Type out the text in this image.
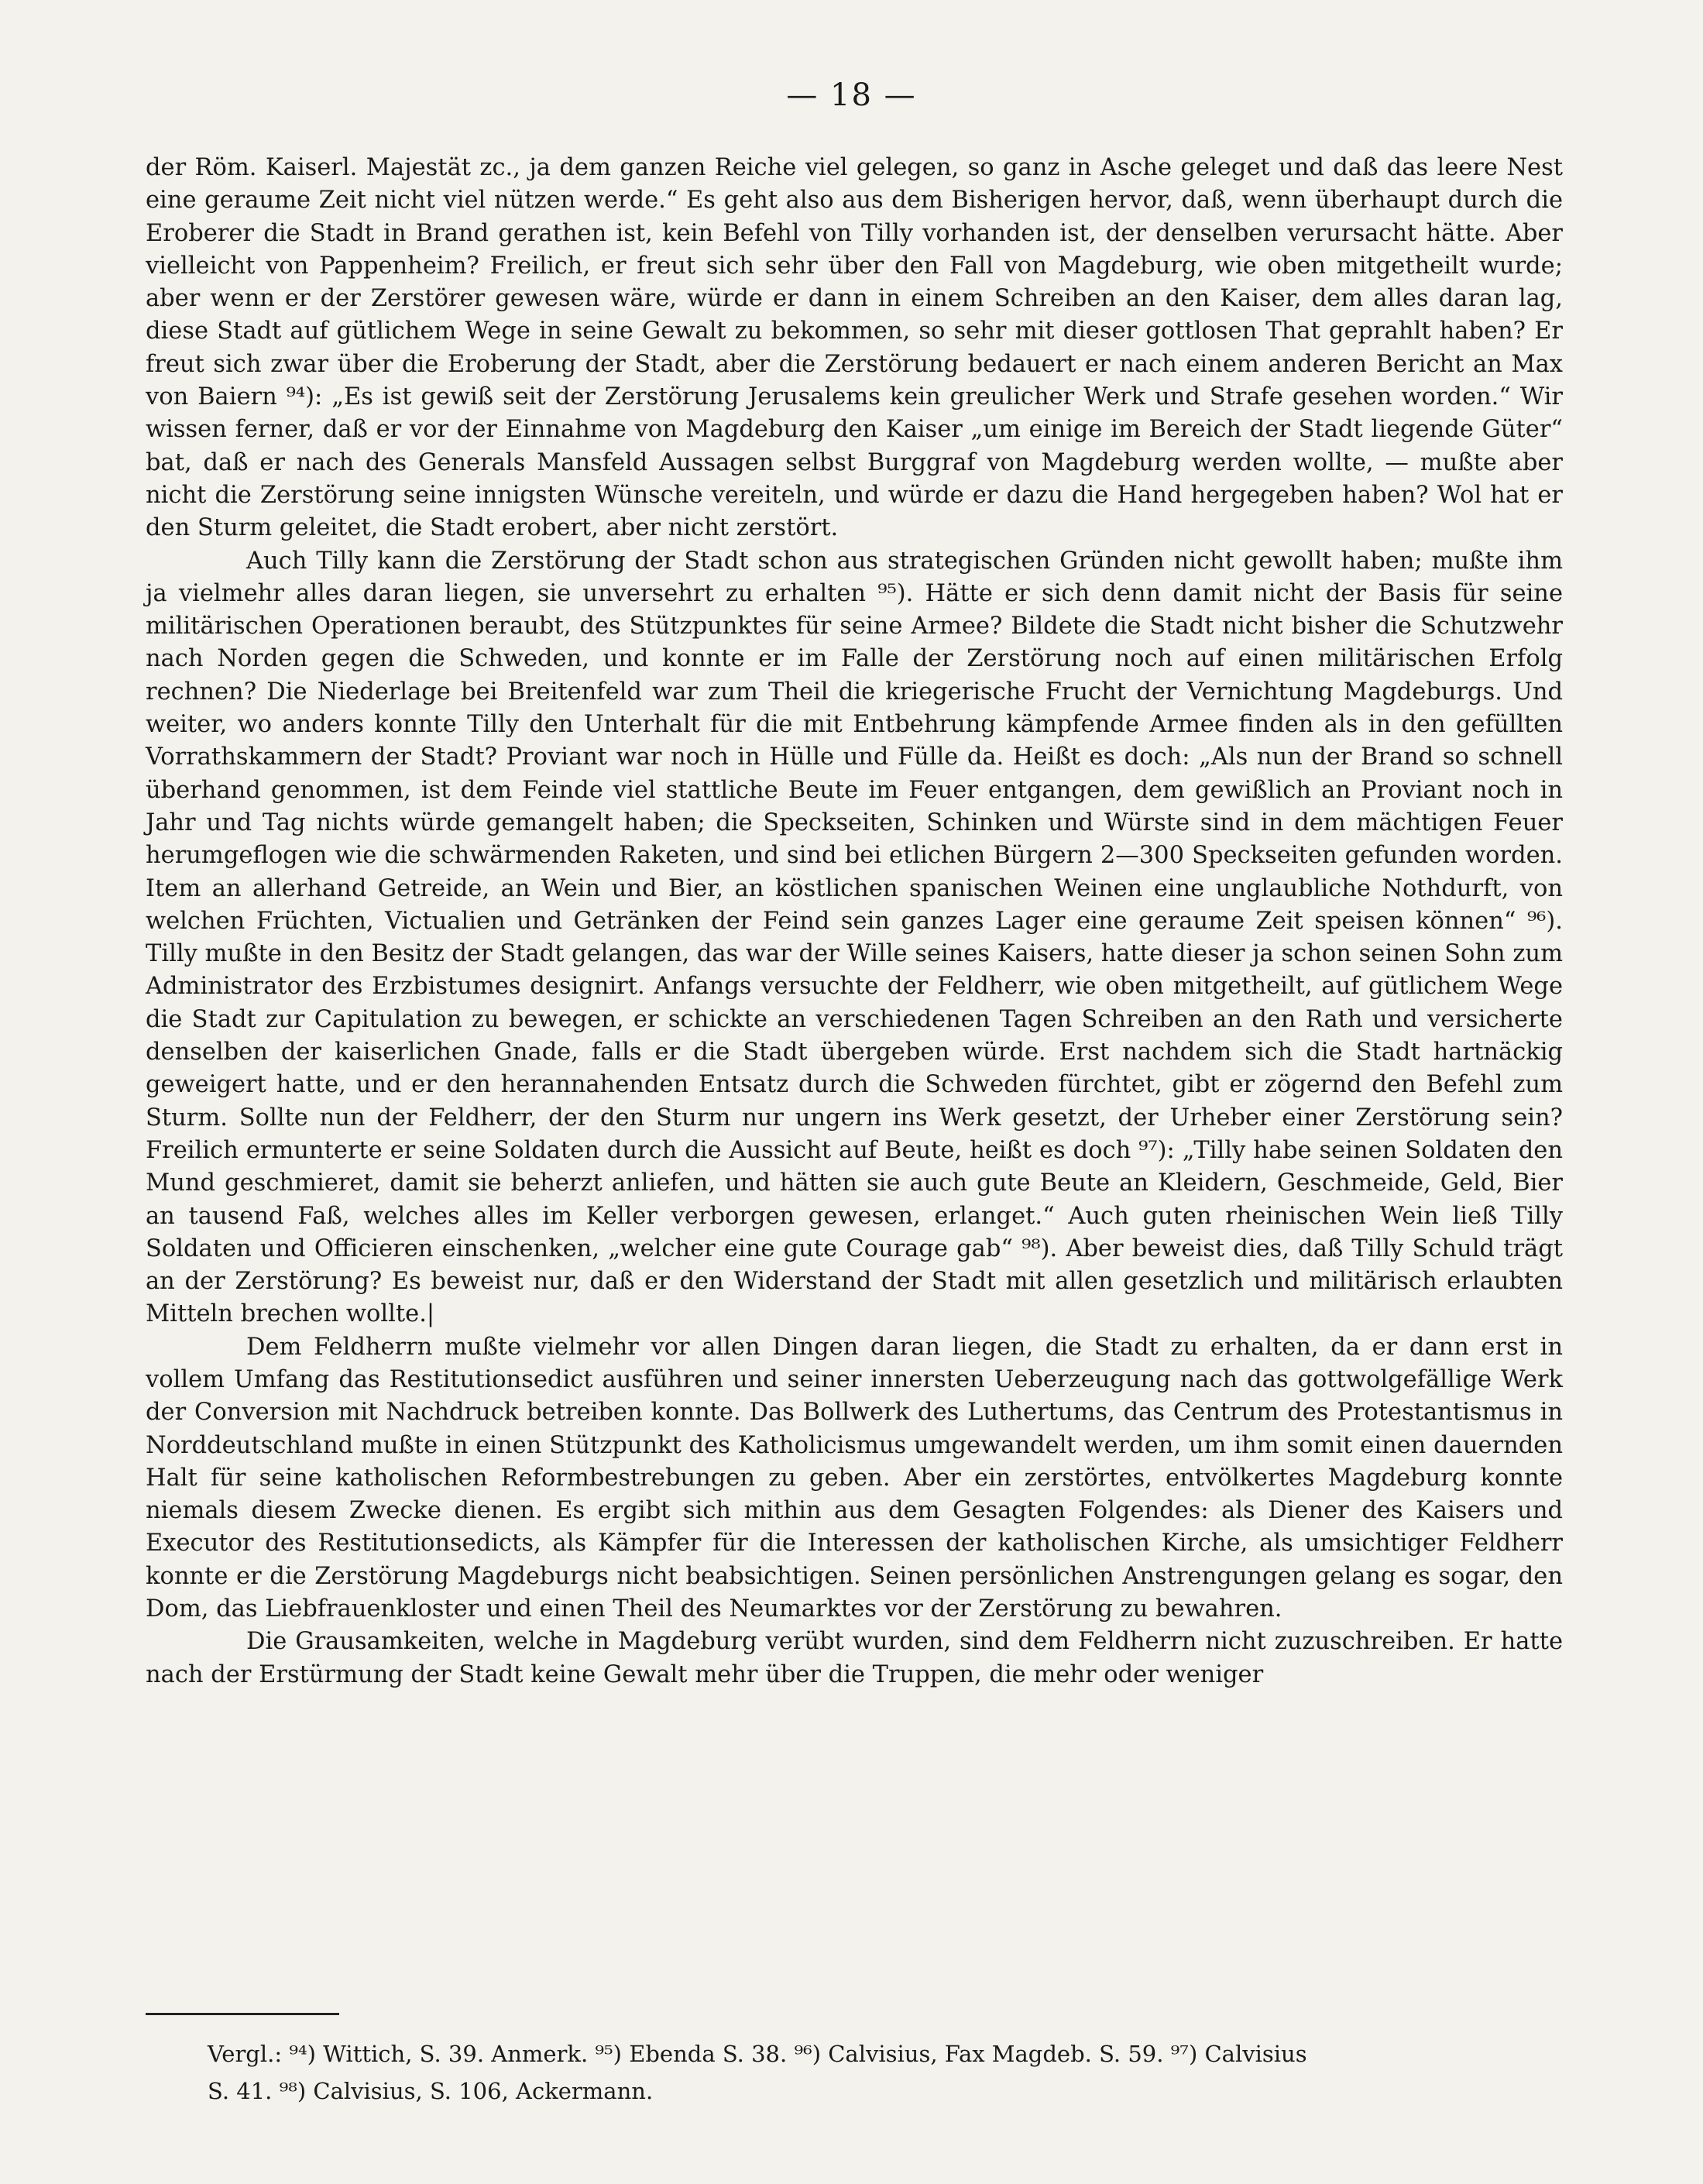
— 18 —

der Röm. Kaiserl. Majestät zc., ja dem ganzen Reiche viel gelegen, so ganz in Asche geleget und daß das leere Nest eine geraume Zeit nicht viel nützen werde.“ Es geht also aus dem Bisherigen hervor, daß, wenn überhaupt durch die Eroberer die Stadt in Brand gerathen ist, kein Befehl von Tilly vorhanden ist, der denselben verursacht hätte. Aber vielleicht von Pappenheim? Freilich, er freut sich sehr über den Fall von Magdeburg, wie oben mitgetheilt wurde; aber wenn er der Zerstörer gewesen wäre, würde er dann in einem Schreiben an den Kaiser, dem alles daran lag, diese Stadt auf gütlichem Wege in seine Gewalt zu bekommen, so sehr mit dieser gottlosen That geprahlt haben? Er freut sich zwar über die Eroberung der Stadt, aber die Zerstörung bedauert er nach einem anderen Bericht an Max von Baiern ⁹⁴): „Es ist gewiß seit der Zerstörung Jerusalems kein greulicher Werk und Strafe gesehen worden.“ Wir wissen ferner, daß er vor der Einnahme von Magdeburg den Kaiser „um einige im Bereich der Stadt liegende Güter“ bat, daß er nach des Generals Mansfeld Aussagen selbst Burggraf von Magdeburg werden wollte, — mußte aber nicht die Zerstörung seine innigsten Wünsche vereiteln, und würde er dazu die Hand hergegeben haben? Wol hat er den Sturm geleitet, die Stadt erobert, aber nicht zerstört.

Auch Tilly kann die Zerstörung der Stadt schon aus strategischen Gründen nicht gewollt haben; mußte ihm ja vielmehr alles daran liegen, sie unversehrt zu erhalten ⁹⁵). Hätte er sich denn damit nicht der Basis für seine militärischen Operationen beraubt, des Stützpunktes für seine Armee? Bildete die Stadt nicht bisher die Schutzwehr nach Norden gegen die Schweden, und konnte er im Falle der Zerstörung noch auf einen militärischen Erfolg rechnen? Die Niederlage bei Breitenfeld war zum Theil die kriegerische Frucht der Vernichtung Magdeburgs. Und weiter, wo anders konnte Tilly den Unterhalt für die mit Entbehrung kämpfende Armee finden als in den gefüllten Vorrathskammern der Stadt? Proviant war noch in Hülle und Fülle da. Heißt es doch: „Als nun der Brand so schnell überhand genommen, ist dem Feinde viel stattliche Beute im Feuer entgangen, dem gewißlich an Proviant noch in Jahr und Tag nichts würde gemangelt haben; die Speckseiten, Schinken und Würste sind in dem mächtigen Feuer herumgeflogen wie die schwärmenden Raketen, und sind bei etlichen Bürgern 2—300 Speckseiten gefunden worden. Item an allerhand Getreide, an Wein und Bier, an köstlichen spanischen Weinen eine unglaubliche Nothdurft, von welchen Früchten, Victualien und Getränken der Feind sein ganzes Lager eine geraume Zeit speisen können“ ⁹⁶). Tilly mußte in den Besitz der Stadt gelangen, das war der Wille seines Kaisers, hatte dieser ja schon seinen Sohn zum Administrator des Erzbistumes designirt. Anfangs versuchte der Feldherr, wie oben mitgetheilt, auf gütlichem Wege die Stadt zur Capitulation zu bewegen, er schickte an verschiedenen Tagen Schreiben an den Rath und versicherte denselben der kaiserlichen Gnade, falls er die Stadt übergeben würde. Erst nachdem sich die Stadt hartnäckig geweigert hatte, und er den herannahenden Entsatz durch die Schweden fürchtet, gibt er zögernd den Befehl zum Sturm. Sollte nun der Feldherr, der den Sturm nur ungern ins Werk gesetzt, der Urheber einer Zerstörung sein? Freilich ermunterte er seine Soldaten durch die Aussicht auf Beute, heißt es doch ⁹⁷): „Tilly habe seinen Soldaten den Mund geschmieret, damit sie beherzt anliefen, und hätten sie auch gute Beute an Kleidern, Geschmeide, Geld, Bier an tausend Faß, welches alles im Keller verborgen gewesen, erlanget.“ Auch guten rheinischen Wein ließ Tilly Soldaten und Officieren einschenken, „welcher eine gute Courage gab“ ⁹⁸). Aber beweist dies, daß Tilly Schuld trägt an der Zerstörung? Es beweist nur, daß er den Widerstand der Stadt mit allen gesetzlich und militärisch erlaubten Mitteln brechen wollte.|

Dem Feldherrn mußte vielmehr vor allen Dingen daran liegen, die Stadt zu erhalten, da er dann erst in vollem Umfang das Restitutionsedict ausführen und seiner innersten Ueberzeugung nach das gottwolgefällige Werk der Conversion mit Nachdruck betreiben konnte. Das Bollwerk des Luthertums, das Centrum des Protestantismus in Norddeutschland mußte in einen Stützpunkt des Katholicismus umgewandelt werden, um ihm somit einen dauernden Halt für seine katholischen Reformbestrebungen zu geben. Aber ein zerstörtes, entvölkertes Magdeburg konnte niemals diesem Zwecke dienen. Es ergibt sich mithin aus dem Gesagten Folgendes: als Diener des Kaisers und Executor des Restitutionsedicts, als Kämpfer für die Interessen der katholischen Kirche, als umsichtiger Feldherr konnte er die Zerstörung Magdeburgs nicht beabsichtigen. Seinen persönlichen Anstrengungen gelang es sogar, den Dom, das Liebfrauenkloster und einen Theil des Neumarktes vor der Zerstörung zu bewahren.

Die Grausamkeiten, welche in Magdeburg verübt wurden, sind dem Feldherrn nicht zuzuschreiben. Er hatte nach der Erstürmung der Stadt keine Gewalt mehr über die Truppen, die mehr oder weniger

Vergl.: ⁹⁴) Wittich, S. 39. Anmerk. ⁹⁵) Ebenda S. 38. ⁹⁶) Calvisius, Fax Magdeb. S. 59. ⁹⁷) Calvisius
S. 41. ⁹⁸) Calvisius, S. 106, Ackermann.
